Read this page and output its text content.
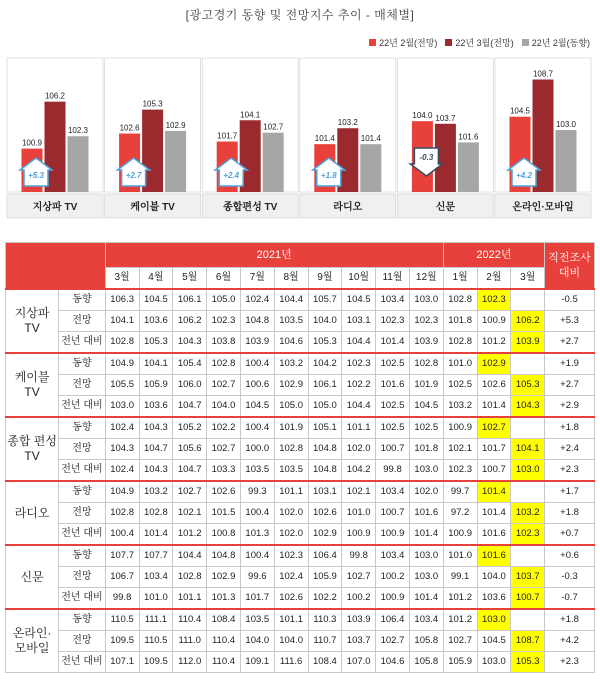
[광고경기 동향 및 전망지수 추이 - 매체별]
22년 2월(전망) 22년 3월(전망) 22년 2월(동향)
지상파 TV
100.9
106.2
102.3
+5.3
케이블 TV
102.6
105.3
102.9
+2.7
종합편성 TV
101.7
104.1
102.7
+2.4
라디오
101.4
103.2
101.4
+1.8
신문
104.0 103.7
101.6
-0.3
온라인·모바일
104.5
108.7
103.0
+4.2
		2021년										2022년			직전조사 대비
		3월	4월	5월	6월	7월	8월	9월	10월	11월	12월	1월	2월	3월	
지상파 TV	동향	106.3	104.5	106.1	105.0	102.4	104.4	105.7	104.5	103.4	103.0	102.8	102.3		-0.5
	전망	104.1	103.6	106.2	102.3	104.8	103.5	104.0	103.1	102.3	102.3	101.8	100.9	106.2	+5.3
	전년 대비	102.8	105.3	104.3	103.8	103.9	104.6	105.3	104.4	101.4	103.9	102.8	101.2	103.9	+2.7
케이블 TV	동향	104.9	104.1	105.4	102.8	100.4	103.2	104.2	102.3	102.5	102.8	101.0	102.9		+1.9
	전망	105.5	105.9	106.0	102.7	100.6	102.9	106.1	102.2	101.6	101.9	102.5	102.6	105.3	+2.7
	전년 대비	103.0	103.6	104.7	104.0	104.5	105.0	105.0	104.4	102.5	104.5	103.2	101.4	104.3	+2.9
종합 편성 TV	동향	102.4	104.3	105.2	102.2	100.4	101.9	105.1	101.1	102.5	102.5	100.9	102.7		+1.8
	전망	104.3	104.7	105.6	102.7	100.0	102.8	104.8	102.0	100.7	101.8	102.1	101.7	104.1	+2.4
	전년 대비	102.4	104.3	104.7	103.3	103.5	103.5	104.8	104.2	99.8	103.0	102.3	100.7	103.0	+2.3
라디오	동향	104.9	103.2	102.7	102.6	99.3	101.1	103.1	102.1	103.4	102.0	99.7	101.4		+1.7
	전망	102.8	102.8	102.1	101.5	100.4	102.0	102.6	101.0	100.7	101.6	97.2	101.4	103.2	+1.8
	전년 대비	100.4	101.4	101.2	100.8	101.3	102.0	102.9	100.9	100.9	101.4	100.9	101.6	102.3	+0.7
신문	동향	107.7	107.7	104.4	104.8	100.4	102.3	106.4	99.8	103.4	103.0	101.0	101.6		+0.6
	전망	106.7	103.4	102.8	102.9	99.6	102.4	105.9	102.7	100.2	103.0	99.1	104.0	103.7	-0.3
	전년 대비	99.8	101.0	101.1	101.3	101.7	102.6	102.2	100.2	100.9	101.4	101.2	103.6	100.7	-0.7
온라인· 모바일	동향	110.5	111.1	110.4	108.4	103.5	101.1	110.3	103.9	106.4	103.4	101.2	103.0		+1.8
	전망	109.5	110.5	111.0	110.4	104.0	104.0	110.7	103.7	102.7	105.8	102.7	104.5	108.7	+4.2
	전년 대비	107.1	109.5	112.0	110.4	109.1	111.6	108.4	107.0	104.6	105.8	105.9	103.0	105.3	+2.3
